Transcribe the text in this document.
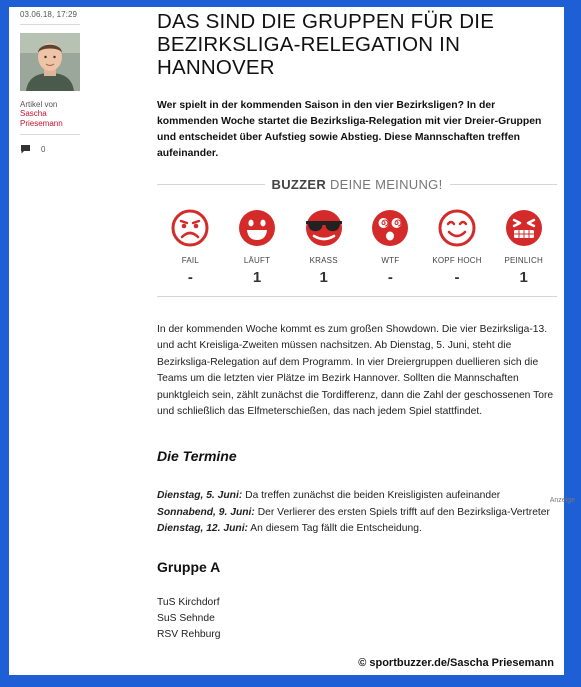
03.06.18, 17:29
Artikel von
Sascha
Priesemann
0
DAS SIND DIE GRUPPEN FÜR DIE BEZIRKSLIGA-RELEGATION IN HANNOVER

Wer spielt in der kommenden Saison in den vier Bezirksligen? In der kommenden Woche startet die Bezirksliga-Relegation mit vier Dreier-Gruppen und entscheidet über Aufstieg sowie Abstieg. Diese Mannschaften treffen aufeinander.

BUZZER DEINE MEINUNG!
FAIL
-
LÄUFT
1
KRASS
1
WTF
-
KOPF HOCH
-
PEINLICH
1

In der kommenden Woche kommt es zum großen Showdown. Die vier Bezirksliga-13. und acht Kreisliga-Zweiten müssen nachsitzen. Ab Dienstag, 5. Juni, steht die Bezirksliga-Relegation auf dem Programm. In vier Dreiergruppen duellieren sich die Teams um die letzten vier Plätze im Bezirk Hannover. Sollten die Mannschaften punktgleich sein, zählt zunächst die Tordifferenz, dann die Zahl der geschossenen Tore und schließlich das Elfmeterschießen, das nach jedem Spiel stattfindet.

Die Termine
Anzeige
Dienstag, 5. Juni: Da treffen zunächst die beiden Kreisligisten aufeinander
Sonnabend, 9. Juni: Der Verlierer des ersten Spiels trifft auf den Bezirksliga-Vertreter
Dienstag, 12. Juni: An diesem Tag fällt die Entscheidung.
Gruppe A
TuS Kirchdorf
SuS Sehnde
RSV Rehburg
© sportbuzzer.de/Sascha Priesemann
